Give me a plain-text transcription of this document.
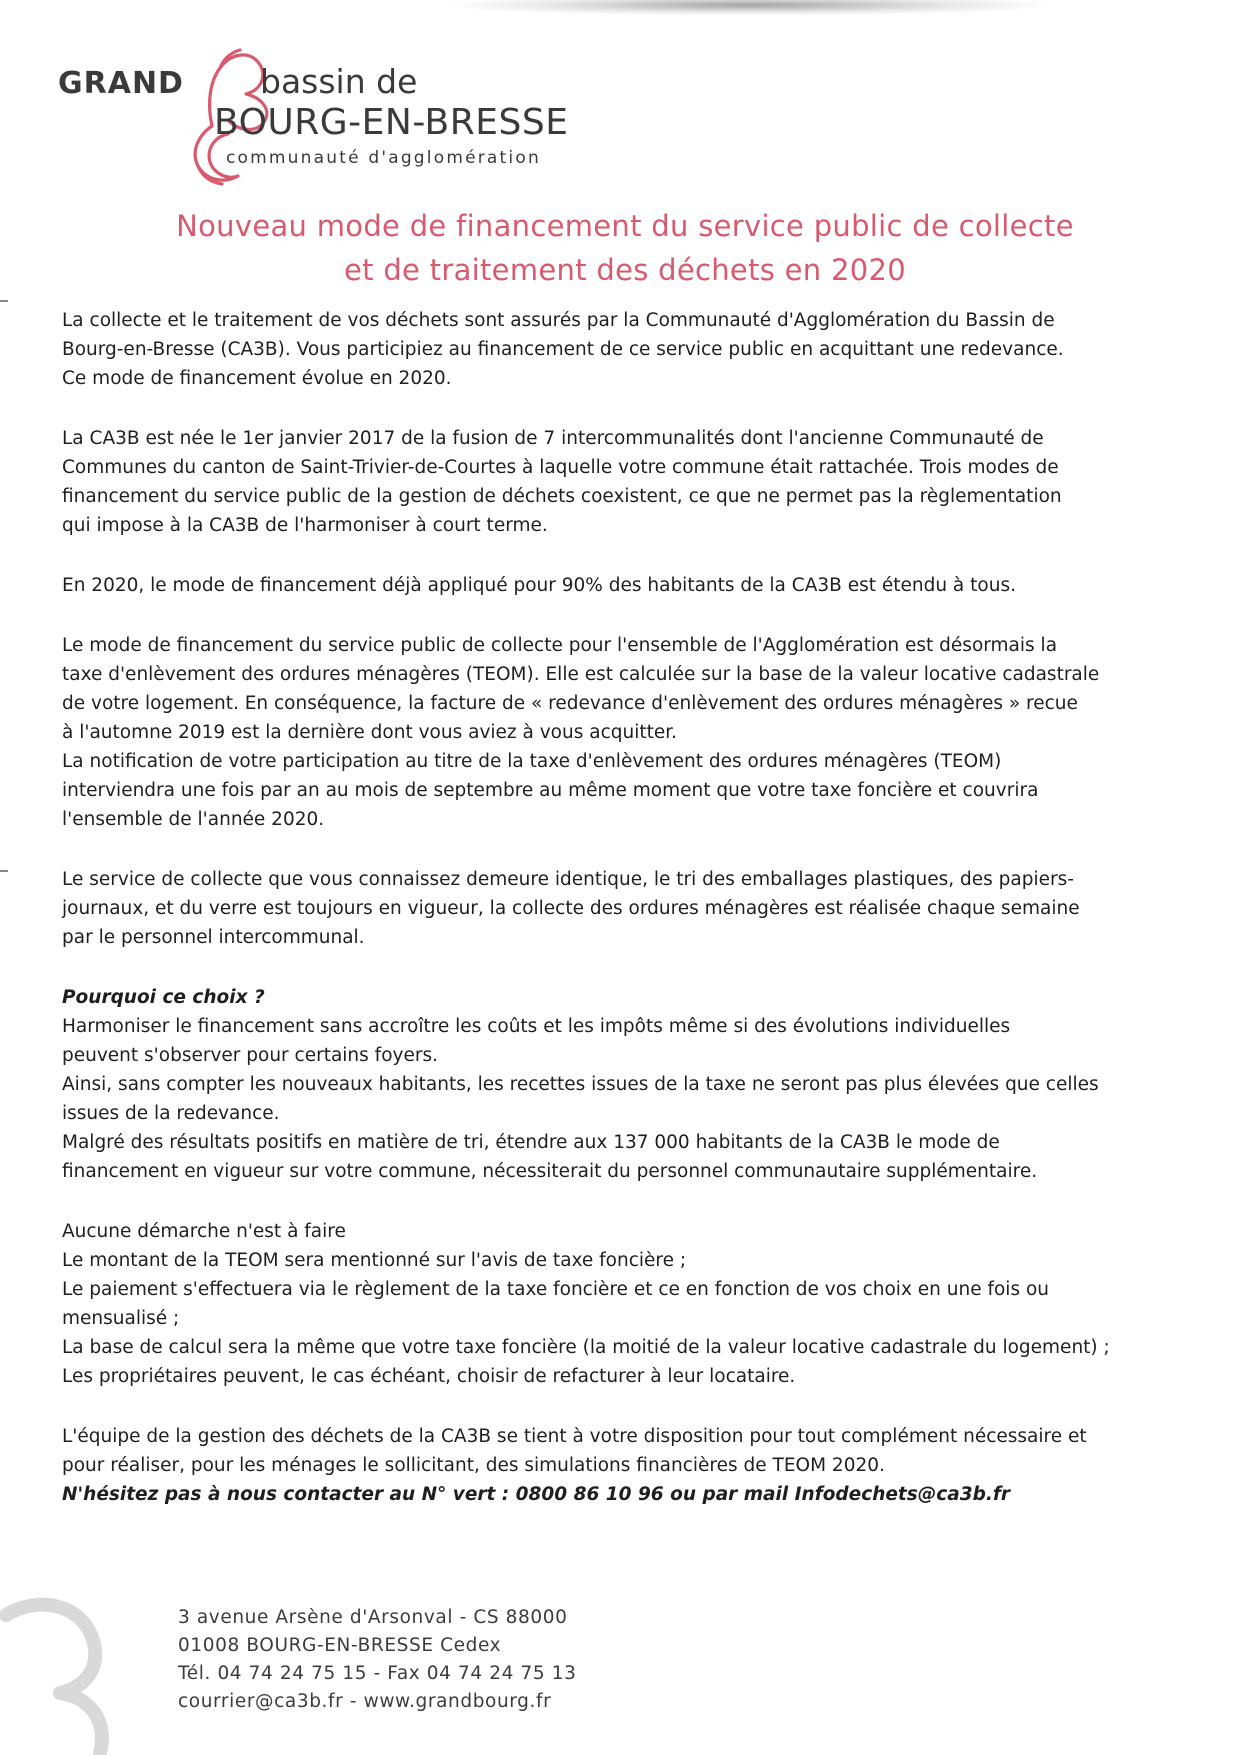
GRAND bassin de
BOURG-EN-BRESSE
communauté d'agglomération
Nouveau mode de financement du service public de collecte
et de traitement des déchets en 2020

La collecte et le traitement de vos déchets sont assurés par la Communauté d'Agglomération du Bassin de
Bourg-en-Bresse (CA3B). Vous participiez au financement de ce service public en acquittant une redevance.
Ce mode de financement évolue en 2020.

La CA3B est née le 1er janvier 2017 de la fusion de 7 intercommunalités dont l'ancienne Communauté de
Communes du canton de Saint-Trivier-de-Courtes à laquelle votre commune était rattachée. Trois modes de
financement du service public de la gestion de déchets coexistent, ce que ne permet pas la règlementation
qui impose à la CA3B de l'harmoniser à court terme.

En 2020, le mode de financement déjà appliqué pour 90% des habitants de la CA3B est étendu à tous.

Le mode de financement du service public de collecte pour l'ensemble de l'Agglomération est désormais la
taxe d'enlèvement des ordures ménagères (TEOM). Elle est calculée sur la base de la valeur locative cadastrale
de votre logement. En conséquence, la facture de « redevance d'enlèvement des ordures ménagères » recue
à l'automne 2019 est la dernière dont vous aviez à vous acquitter.
La notification de votre participation au titre de la taxe d'enlèvement des ordures ménagères (TEOM)
interviendra une fois par an au mois de septembre au même moment que votre taxe foncière et couvrira
l'ensemble de l'année 2020.

Le service de collecte que vous connaissez demeure identique, le tri des emballages plastiques, des papiers-
journaux, et du verre est toujours en vigueur, la collecte des ordures ménagères est réalisée chaque semaine
par le personnel intercommunal.

Pourquoi ce choix ?
Harmoniser le financement sans accroître les coûts et les impôts même si des évolutions individuelles
peuvent s'observer pour certains foyers.
Ainsi, sans compter les nouveaux habitants, les recettes issues de la taxe ne seront pas plus élevées que celles
issues de la redevance.
Malgré des résultats positifs en matière de tri, étendre aux 137 000 habitants de la CA3B le mode de
financement en vigueur sur votre commune, nécessiterait du personnel communautaire supplémentaire.

Aucune démarche n'est à faire
Le montant de la TEOM sera mentionné sur l'avis de taxe foncière ;
Le paiement s'effectuera via le règlement de la taxe foncière et ce en fonction de vos choix en une fois ou
mensualisé ;
La base de calcul sera la même que votre taxe foncière (la moitié de la valeur locative cadastrale du logement) ;
Les propriétaires peuvent, le cas échéant, choisir de refacturer à leur locataire.

L'équipe de la gestion des déchets de la CA3B se tient à votre disposition pour tout complément nécessaire et
pour réaliser, pour les ménages le sollicitant, des simulations financières de TEOM 2020.
N'hésitez pas à nous contacter au N° vert : 0800 86 10 96 ou par mail Infodechets@ca3b.fr

3 avenue Arsène d'Arsonval - CS 88000
01008 BOURG-EN-BRESSE Cedex
Tél. 04 74 24 75 15 - Fax 04 74 24 75 13
courrier@ca3b.fr - www.grandbourg.fr
